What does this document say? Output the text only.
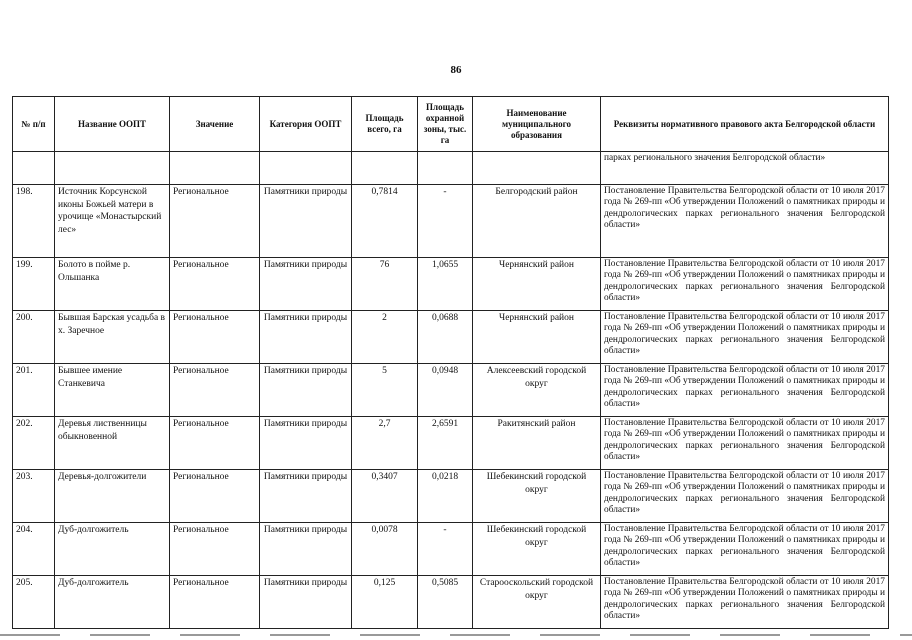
86
№ п/п	Название ООПТ	Значение	Категория ООПТ	Площадь всего, га	Площадь охранной зоны, тыс. га	Наименование муниципального образования	Реквизиты нормативного правового акта Белгородской области
							парках регионального значения Белгородской области»
198.	Источник Корсунской иконы Божьей матери в урочище «Монастырский лес»	Региональное	Памятники природы	0,7814	-	Белгородский район	Постановление Правительства Белгородской области от 10 июля 2017 года № 269-пп «Об утверждении Положений о памятниках природы и дендрологических парках регионального значения Белгородской области»
199.	Болото в пойме р. Ольшанка	Региональное	Памятники природы	76	1,0655	Чернянский район	Постановление Правительства Белгородской области от 10 июля 2017 года № 269-пп «Об утверждении Положений о памятниках природы и дендрологических парках регионального значения Белгородской области»
200.	Бывшая Барская усадьба в х. Заречное	Региональное	Памятники природы	2	0,0688	Чернянский район	Постановление Правительства Белгородской области от 10 июля 2017 года № 269-пп «Об утверждении Положений о памятниках природы и дендрологических парках регионального значения Белгородской области»
201.	Бывшее имение Станкевича	Региональное	Памятники природы	5	0,0948	Алексеевский городской округ	Постановление Правительства Белгородской области от 10 июля 2017 года № 269-пп «Об утверждении Положений о памятниках природы и дендрологических парках регионального значения Белгородской области»
202.	Деревья лиственницы обыкновенной	Региональное	Памятники природы	2,7	2,6591	Ракитянский район	Постановление Правительства Белгородской области от 10 июля 2017 года № 269-пп «Об утверждении Положений о памятниках природы и дендрологических парках регионального значения Белгородской области»
203.	Деревья-долгожители	Региональное	Памятники природы	0,3407	0,0218	Шебекинский городской округ	Постановление Правительства Белгородской области от 10 июля 2017 года № 269-пп «Об утверждении Положений о памятниках природы и дендрологических парках регионального значения Белгородской области»
204.	Дуб-долгожитель	Региональное	Памятники природы	0,0078	-	Шебекинский городской округ	Постановление Правительства Белгородской области от 10 июля 2017 года № 269-пп «Об утверждении Положений о памятниках природы и дендрологических парках регионального значения Белгородской области»
205.	Дуб-долгожитель	Региональное	Памятники природы	0,125	0,5085	Старооскольский городской округ	Постановление Правительства Белгородской области от 10 июля 2017 года № 269-пп «Об утверждении Положений о памятниках природы и дендрологических парках регионального значения Белгородской области»
